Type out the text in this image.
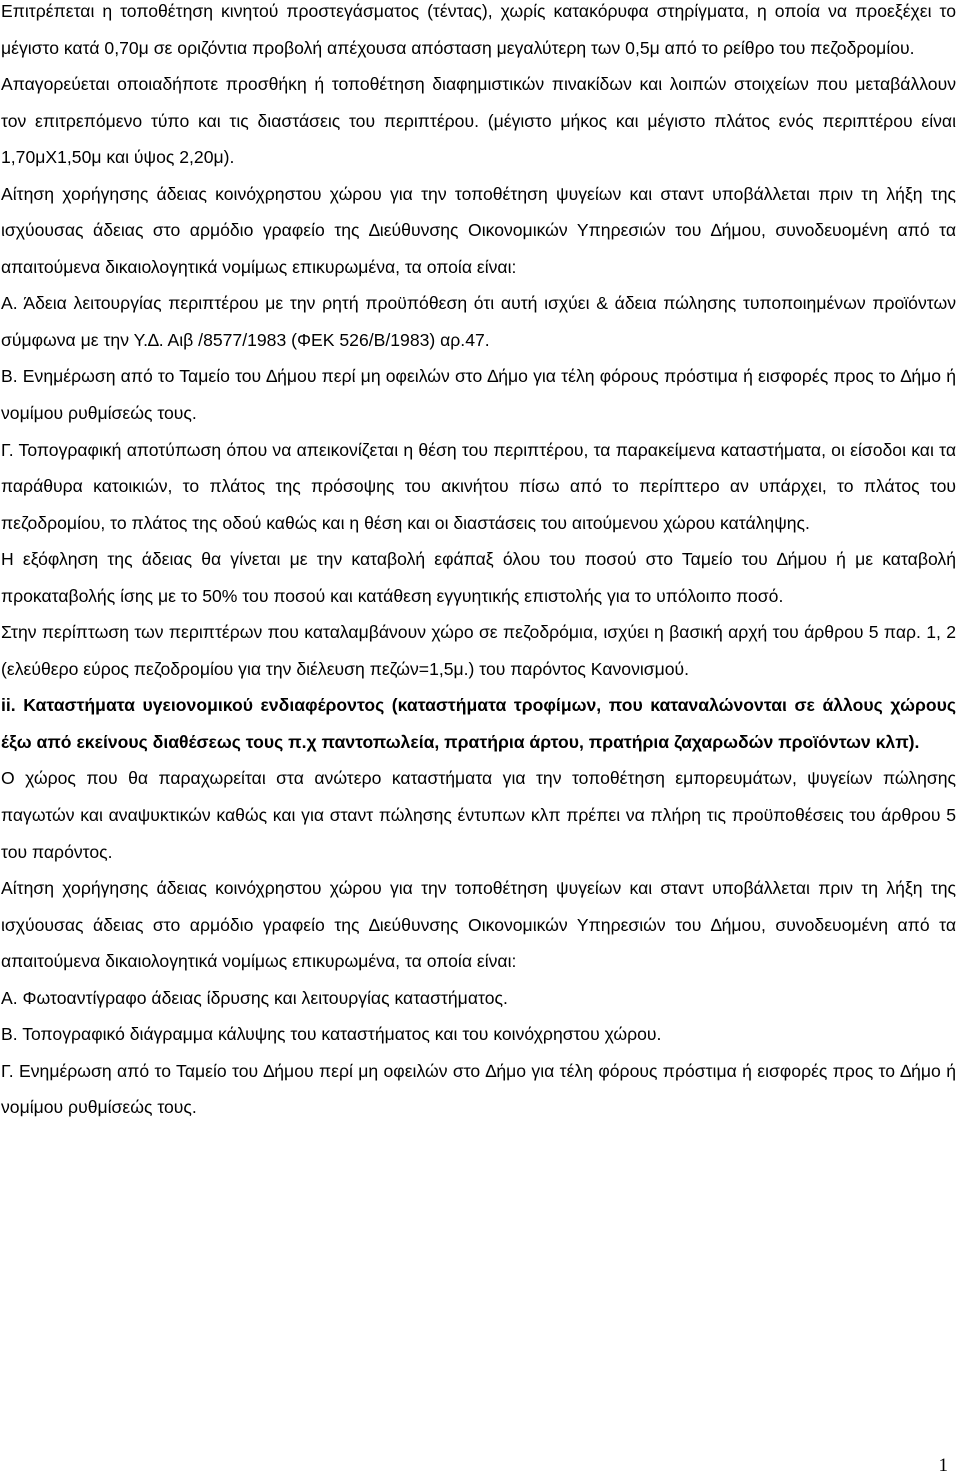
Επιτρέπεται η τοποθέτηση κινητού προστεγάσματος (τέντας), χωρίς κατακόρυφα στηρίγματα, η οποία να προεξέχει το μέγιστο κατά 0,70μ σε οριζόντια προβολή απέχουσα απόσταση μεγαλύτερη των 0,5μ από το ρείθρο του πεζοδρομίου.

Απαγορεύεται οποιαδήποτε προσθήκη ή τοποθέτηση διαφημιστικών πινακίδων και λοιπών στοιχείων που μεταβάλλουν τον επιτρεπόμενο τύπο και τις διαστάσεις του περιπτέρου. (μέγιστο μήκος και μέγιστο πλάτος ενός περιπτέρου είναι 1,70μΧ1,50μ και ύψος 2,20μ).

Αίτηση χορήγησης άδειας κοινόχρηστου χώρου για την τοποθέτηση ψυγείων και σταντ υποβάλλεται πριν τη λήξη της ισχύουσας άδειας στο αρμόδιο γραφείο της ∆ιεύθυνσης Οικονομικών Υπηρεσιών του ∆ήμου, συνοδευομένη από τα απαιτούμενα δικαιολογητικά νομίμως επικυρωμένα, τα οποία είναι:

Α. Άδεια λειτουργίας περιπτέρου με την ρητή προϋπόθεση ότι αυτή ισχύει & άδεια πώλησης τυποποιημένων προϊόντων σύμφωνα με την Υ.∆. Αιβ /8577/1983 (ΦΕΚ 526/Β/1983) αρ.47.

Β. Ενημέρωση από το Ταμείο του ∆ήμου περί μη οφειλών στο ∆ήμο για τέλη φόρους πρόστιμα ή εισφορές προς το ∆ήμο ή νομίμου ρυθμίσεώς τους.

Γ. Τοπογραφική αποτύπωση όπου να απεικονίζεται η θέση του περιπτέρου, τα παρακείμενα καταστήματα, οι είσοδοι και τα παράθυρα κατοικιών, το πλάτος της πρόσοψης του ακινήτου πίσω από το περίπτερο αν υπάρχει, το πλάτος του πεζοδρομίου, το πλάτος της οδού καθώς και η θέση και οι διαστάσεις του αιτούμενου χώρου κατάληψης.

Η εξόφληση της άδειας θα γίνεται με την καταβολή εφάπαξ όλου του ποσού στο Ταμείο του ∆ήμου ή με καταβολή προκαταβολής ίσης με το 50% του ποσού και κατάθεση εγγυητικής επιστολής για το υπόλοιπο ποσό.

Στην περίπτωση των περιπτέρων που καταλαμβάνουν χώρο σε πεζοδρόμια, ισχύει η βασική αρχή του άρθρου 5 παρ. 1, 2 (ελεύθερο εύρος πεζοδρομίου για την διέλευση πεζών=1,5μ.) του παρόντος Κανονισμού.

ii. Καταστήματα υγειονομικού ενδιαφέροντος (καταστήματα τροφίμων, που καταναλώνονται σε άλλους χώρους έξω από εκείνους διαθέσεως τους π.χ παντοπωλεία, πρατήρια άρτου, πρατήρια ζαχαρωδών προϊόντων κλπ).

Ο χώρος που θα παραχωρείται στα ανώτερο καταστήματα για την τοποθέτηση εμπορευμάτων, ψυγείων πώλησης παγωτών και αναψυκτικών καθώς και για σταντ πώλησης έντυπων κλπ πρέπει να πλήρη τις προϋποθέσεις του άρθρου 5 του παρόντος.

Αίτηση χορήγησης άδειας κοινόχρηστου χώρου για την τοποθέτηση ψυγείων και σταντ υποβάλλεται πριν τη λήξη της ισχύουσας άδειας στο αρμόδιο γραφείο της ∆ιεύθυνσης Οικονομικών Υπηρεσιών του ∆ήμου, συνοδευομένη από τα απαιτούμενα δικαιολογητικά νομίμως επικυρωμένα, τα οποία είναι:

Α. Φωτοαντίγραφο άδειας ίδρυσης και λειτουργίας καταστήματος.

Β. Τοπογραφικό διάγραμμα κάλυψης του καταστήματος και του κοινόχρηστου χώρου.

Γ. Ενημέρωση από το Ταμείο του ∆ήμου περί μη οφειλών στο ∆ήμο για τέλη φόρους πρόστιμα ή εισφορές προς το ∆ήμο ή νομίμου ρυθμίσεώς τους.

1
